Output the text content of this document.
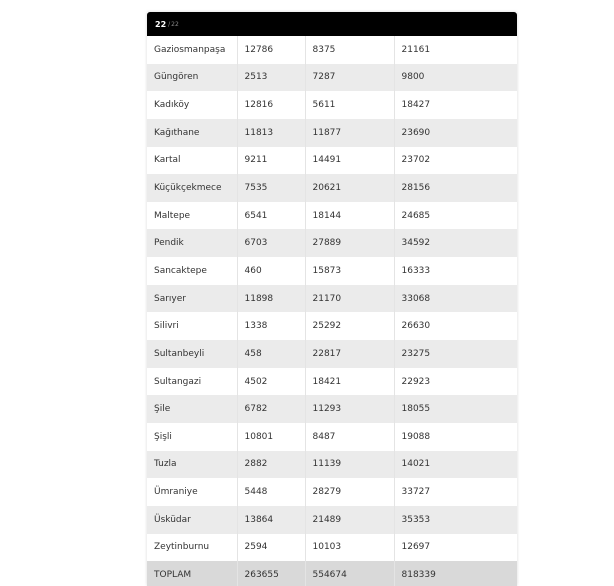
22 / 22
Gaziosmanpaşa	12786	8375	21161
Güngören	2513	7287	9800
Kadıköy	12816	5611	18427
Kağıthane	11813	11877	23690
Kartal	9211	14491	23702
Küçükçekmece	7535	20621	28156
Maltepe	6541	18144	24685
Pendik	6703	27889	34592
Sancaktepe	460	15873	16333
Sarıyer	11898	21170	33068
Silivri	1338	25292	26630
Sultanbeyli	458	22817	23275
Sultangazi	4502	18421	22923
Şile	6782	11293	18055
Şişli	10801	8487	19088
Tuzla	2882	11139	14021
Ümraniye	5448	28279	33727
Üsküdar	13864	21489	35353
Zeytinburnu	2594	10103	12697
TOPLAM	263655	554674	818339
